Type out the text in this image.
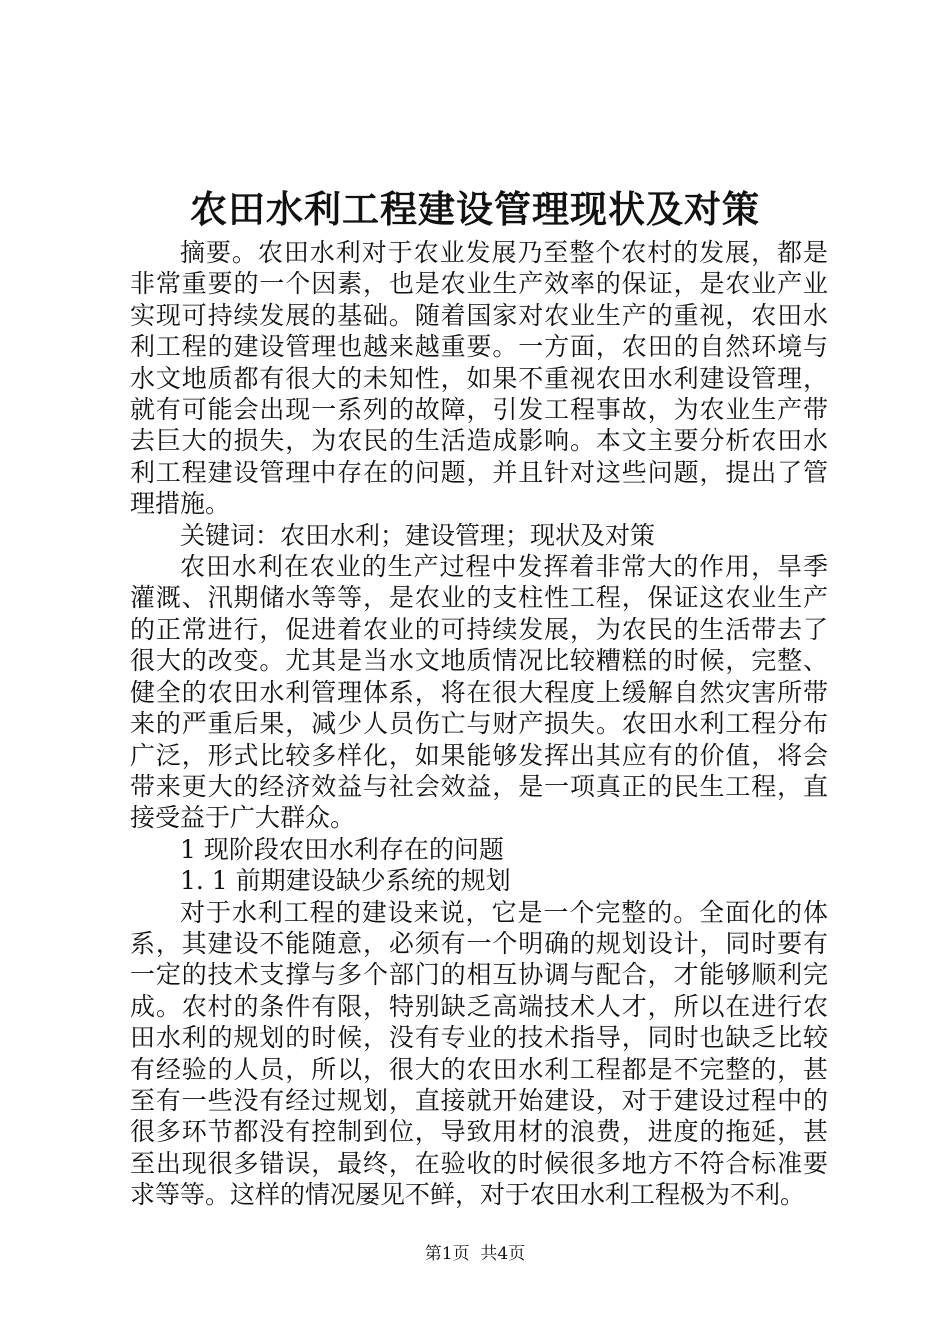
农田水利工程建设管理现状及对策

摘要。农田水利对于农业发展乃至整个农村的发展，都是非常重要的一个因素，也是农业生产效率的保证，是农业产业实现可持续发展的基础。随着国家对农业生产的重视，农田水利工程的建设管理也越来越重要。一方面，农田的自然环境与水文地质都有很大的未知性，如果不重视农田水利建设管理，就有可能会出现一系列的故障，引发工程事故，为农业生产带去巨大的损失，为农民的生活造成影响。本文主要分析农田水利工程建设管理中存在的问题，并且针对这些问题，提出了管理措施。

关键词：农田水利；建设管理；现状及对策

农田水利在农业的生产过程中发挥着非常大的作用，旱季灌溉、汛期储水等等，是农业的支柱性工程，保证这农业生产的正常进行，促进着农业的可持续发展，为农民的生活带去了很大的改变。尤其是当水文地质情况比较糟糕的时候，完整、健全的农田水利管理体系，将在很大程度上缓解自然灾害所带来的严重后果，减少人员伤亡与财产损失。农田水利工程分布广泛，形式比较多样化，如果能够发挥出其应有的价值，将会带来更大的经济效益与社会效益，是一项真正的民生工程，直接受益于广大群众。

1 现阶段农田水利存在的问题

1. 1 前期建设缺少系统的规划

对于水利工程的建设来说，它是一个完整的。全面化的体系，其建设不能随意，必须有一个明确的规划设计，同时要有一定的技术支撑与多个部门的相互协调与配合，才能够顺利完成。农村的条件有限，特别缺乏高端技术人才，所以在进行农田水利的规划的时候，没有专业的技术指导，同时也缺乏比较有经验的人员，所以，很大的农田水利工程都是不完整的，甚至有一些没有经过规划，直接就开始建设，对于建设过程中的很多环节都没有控制到位，导致用材的浪费，进度的拖延，甚至出现很多错误，最终，在验收的时候很多地方不符合标准要求等等。这样的情况屡见不鲜，对于农田水利工程极为不利。

第1页  共4页
